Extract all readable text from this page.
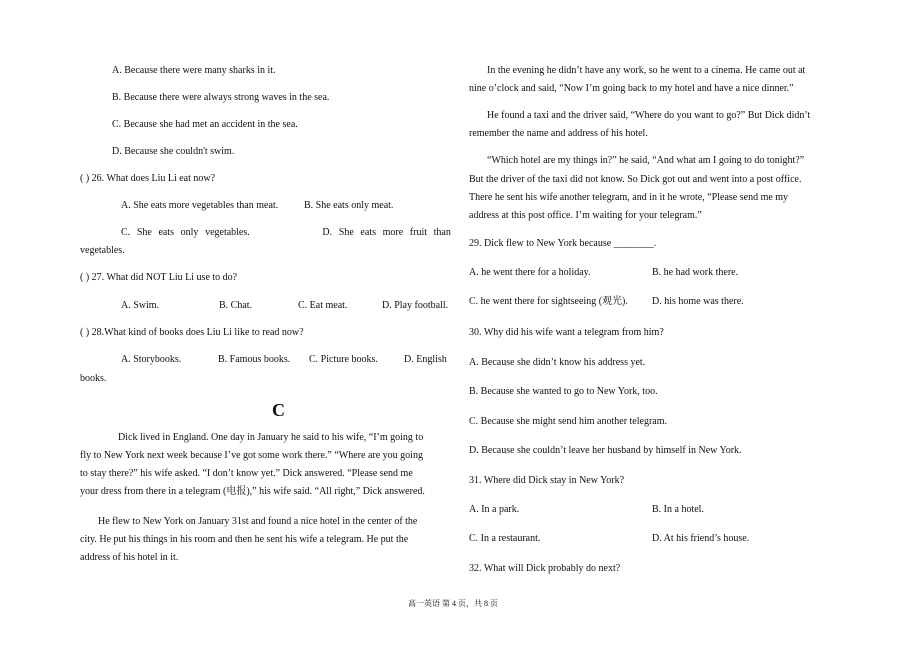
A. Because there were many sharks in it.
B. Because there were always strong waves in the sea.
C. Because she had met an accident in the sea.
D. Because she couldn't swim.
( ) 26. What does Liu Li eat now?
A. She eats more vegetables than meat.	B. She eats only meat.
C. She eats only vegetables.	D. She eats more fruit than
vegetables.
( ) 27. What did NOT Liu Li use to do?
A. Swim.	B. Chat.	C. Eat meat.	D. Play football.
( ) 28.What kind of books does Liu Li like to read now?
A. Storybooks.	B. Famous books. C. Picture books.	D. English
books.
C
Dick lived in England. One day in January he said to his wife, “I’m going to
fly to New York next week because I’ve got some work there.” “Where are you going
to stay there?” his wife asked. “I don’t know yet.” Dick answered. “Please send me
your dress from there in a telegram (电报),” his wife said. “All right,” Dick answered.
He flew to New York on January 31st and found a nice hotel in the center of the
city. He put his things in his room and then he sent his wife a telegram. He put the
address of his hotel in it.
In the evening he didn’t have any work, so he went to a cinema. He came out at
nine o’clock and said, “Now I’m going back to my hotel and have a nice dinner.”
He found a taxi and the driver said, “Where do you want to go?” But Dick didn’t
remember the name and address of his hotel.
“Which hotel are my things in?” he said, “And what am I going to do tonight?”
But the driver of the taxi did not know. So Dick got out and went into a post office.
There he sent his wife another telegram, and in it he wrote, “Please send me my
address at this post office. I’m waiting for your telegram.”
29. Dick flew to New York because ________.
A. he went there for a holiday.	B. he had work there.
C. he went there for sightseeing (观光). D. his home was there.
30. Why did his wife want a telegram from him?
A. Because she didn’t know his address yet.
B. Because she wanted to go to New York, too.
C. Because she might send him another telegram.
D. Because she couldn’t leave her husband by himself in New York.
31. Where did Dick stay in New York?
A. In a park.	B. In a hotel.
C. In a restaurant.	D. At his friend’s house.
32. What will Dick probably do next?
高一英语 第 4 页，共 8 页
